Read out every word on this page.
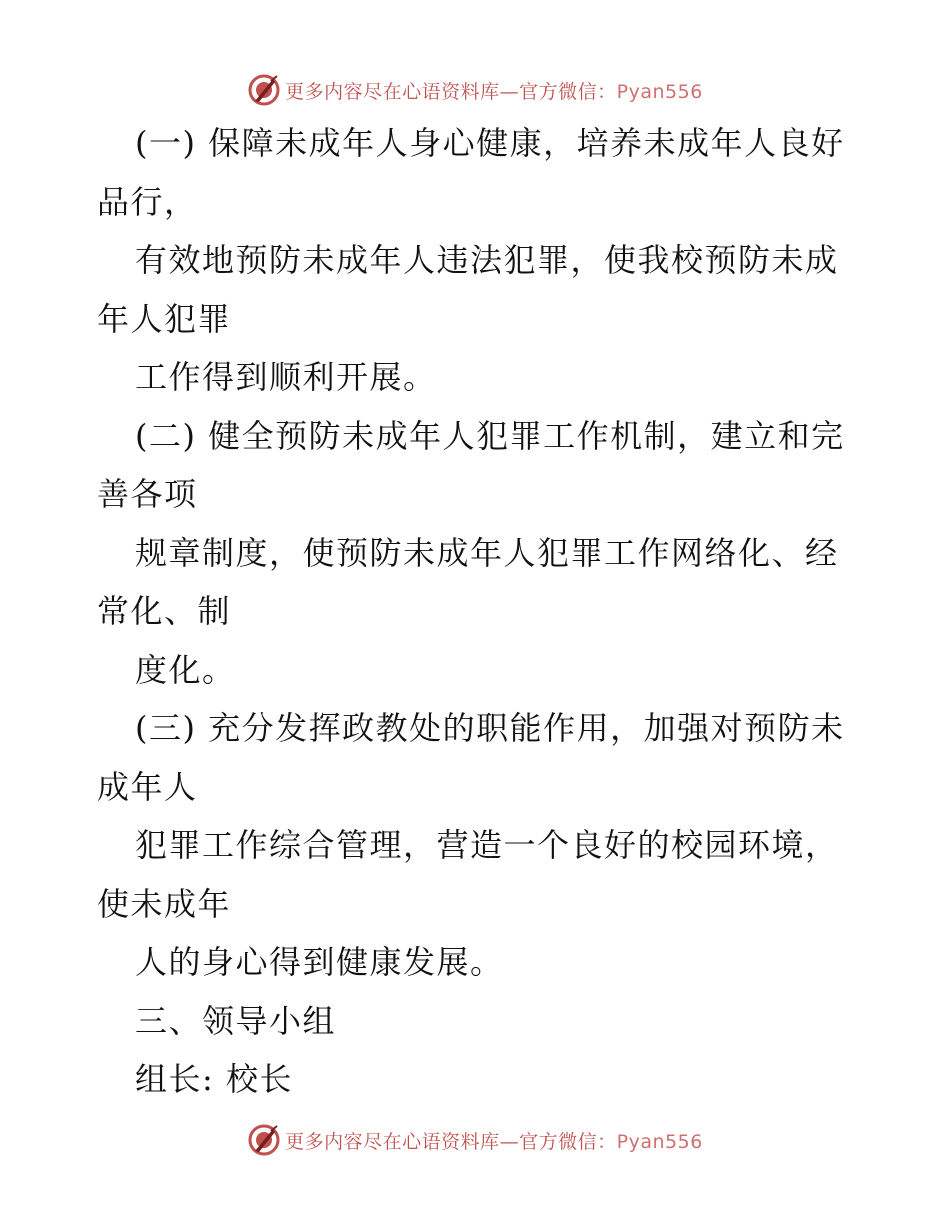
更多内容尽在心语资料库—官方微信：Pyan556
(一) 保障未成年人身心健康，培养未成年人良好
品行，
有效地预防未成年人违法犯罪，使我校预防未成
年人犯罪
工作得到顺利开展。
(二) 健全预防未成年人犯罪工作机制，建立和完
善各项
规章制度，使预防未成年人犯罪工作网络化、经
常化、制
度化。
(三) 充分发挥政教处的职能作用，加强对预防未
成年人
犯罪工作综合管理，营造一个良好的校园环境，
使未成年
人的身心得到健康发展。
三、领导小组
组长: 校长
更多内容尽在心语资料库—官方微信：Pyan556
